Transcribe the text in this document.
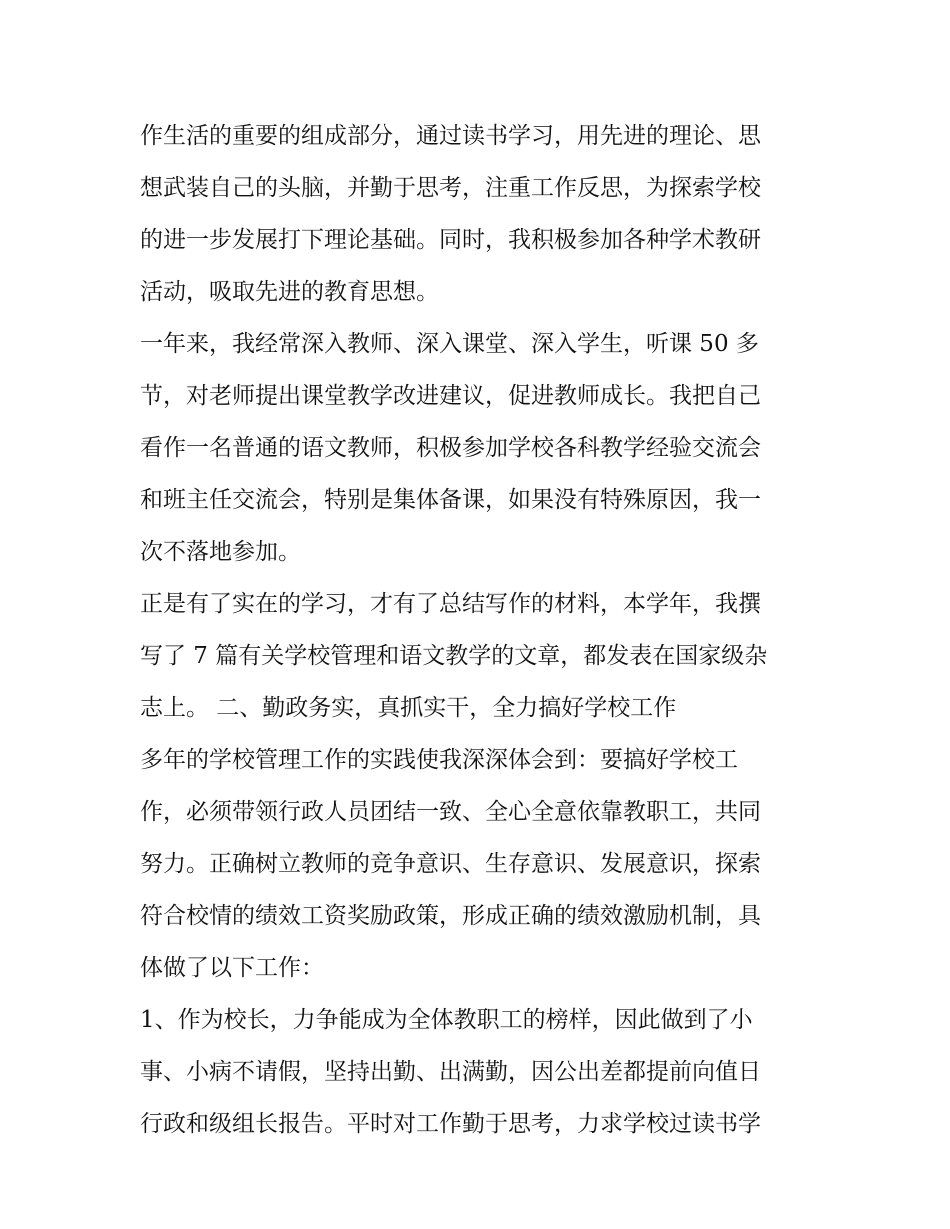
作生活的重要的组成部分，通过读书学习，用先进的理论、思
想武装自己的头脑，并勤于思考，注重工作反思，为探索学校
的进一步发展打下理论基础。同时，我积极参加各种学术教研
活动，吸取先进的教育思想。
一年来，我经常深入教师、深入课堂、深入学生，听课 50 多
节，对老师提出课堂教学改进建议，促进教师成长。我把自己
看作一名普通的语文教师，积极参加学校各科教学经验交流会
和班主任交流会，特别是集体备课，如果没有特殊原因，我一
次不落地参加。
正是有了实在的学习，才有了总结写作的材料，本学年，我撰
写了 7 篇有关学校管理和语文教学的文章，都发表在国家级杂
志上。 二、勤政务实，真抓实干，全力搞好学校工作
多年的学校管理工作的实践使我深深体会到：要搞好学校工
作，必须带领行政人员团结一致、全心全意依靠教职工，共同
努力。正确树立教师的竞争意识、生存意识、发展意识，探索
符合校情的绩效工资奖励政策，形成正确的绩效激励机制，具
体做了以下工作：
1、作为校长，力争能成为全体教职工的榜样，因此做到了小
事、小病不请假，坚持出勤、出满勤，因公出差都提前向值日
行政和级组长报告。平时对工作勤于思考，力求学校过读书学
